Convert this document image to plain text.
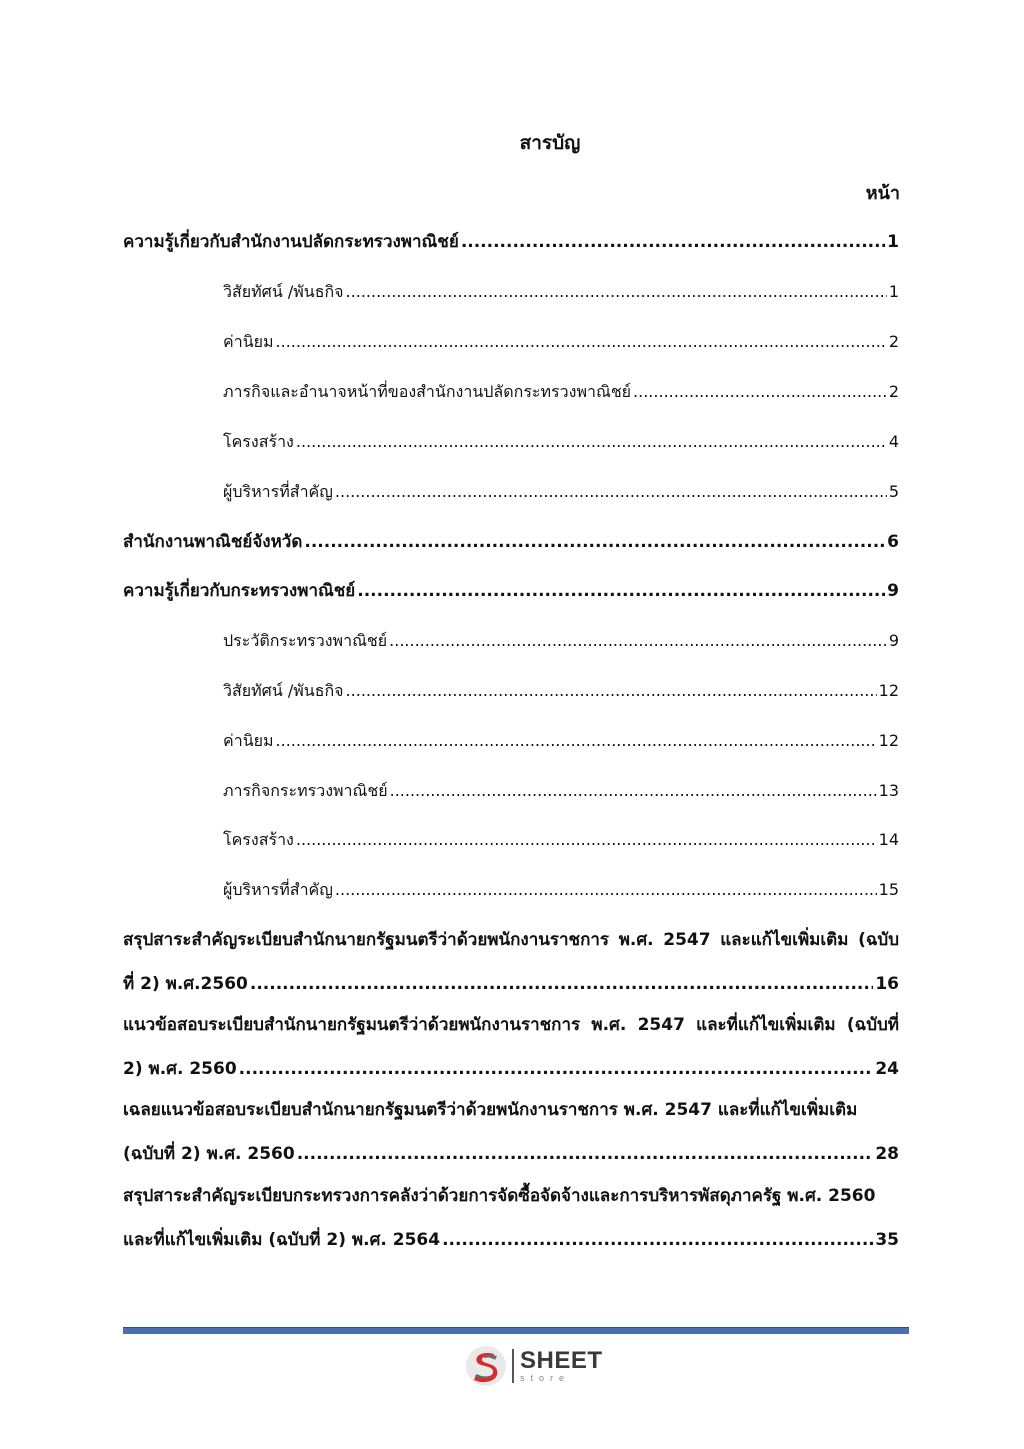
สารบัญ
หน้า
ความรู้เกี่ยวกับสำนักงานปลัดกระทรวงพาณิชย์ .....	1
วิสัยทัศน์ /พันธกิจ .....	1
ค่านิยม .....	2
ภารกิจและอำนาจหน้าที่ของสำนักงานปลัดกระทรวงพาณิชย์ .....	2
โครงสร้าง .....	4
ผู้บริหารที่สำคัญ .....	5
สำนักงานพาณิชย์จังหวัด .....	6
ความรู้เกี่ยวกับกระทรวงพาณิชย์ .....	9
ประวัติกระทรวงพาณิชย์ .....	9
วิสัยทัศน์ /พันธกิจ .....	12
ค่านิยม .....	12
ภารกิจกระทรวงพาณิชย์ .....	13
โครงสร้าง .....	14
ผู้บริหารที่สำคัญ .....	15
สรุปสาระสำคัญระเบียบสำนักนายกรัฐมนตรีว่าด้วยพนักงานราชการ พ.ศ. 2547 และแก้ไขเพิ่มเติม (ฉบับ
ที่ 2) พ.ศ.2560 .....	16
แนวข้อสอบระเบียบสำนักนายกรัฐมนตรีว่าด้วยพนักงานราชการ พ.ศ. 2547 และที่แก้ไขเพิ่มเติม (ฉบับที่
2) พ.ศ. 2560 .....	24
เฉลยแนวข้อสอบระเบียบสำนักนายกรัฐมนตรีว่าด้วยพนักงานราชการ พ.ศ. 2547 และที่แก้ไขเพิ่มเติม
(ฉบับที่ 2) พ.ศ. 2560 .....	28
สรุปสาระสำคัญระเบียบกระทรวงการคลังว่าด้วยการจัดซื้อจัดจ้างและการบริหารพัสดุภาครัฐ พ.ศ. 2560
และที่แก้ไขเพิ่มเติม (ฉบับที่ 2) พ.ศ. 2564 .....	35
SHEET
store
